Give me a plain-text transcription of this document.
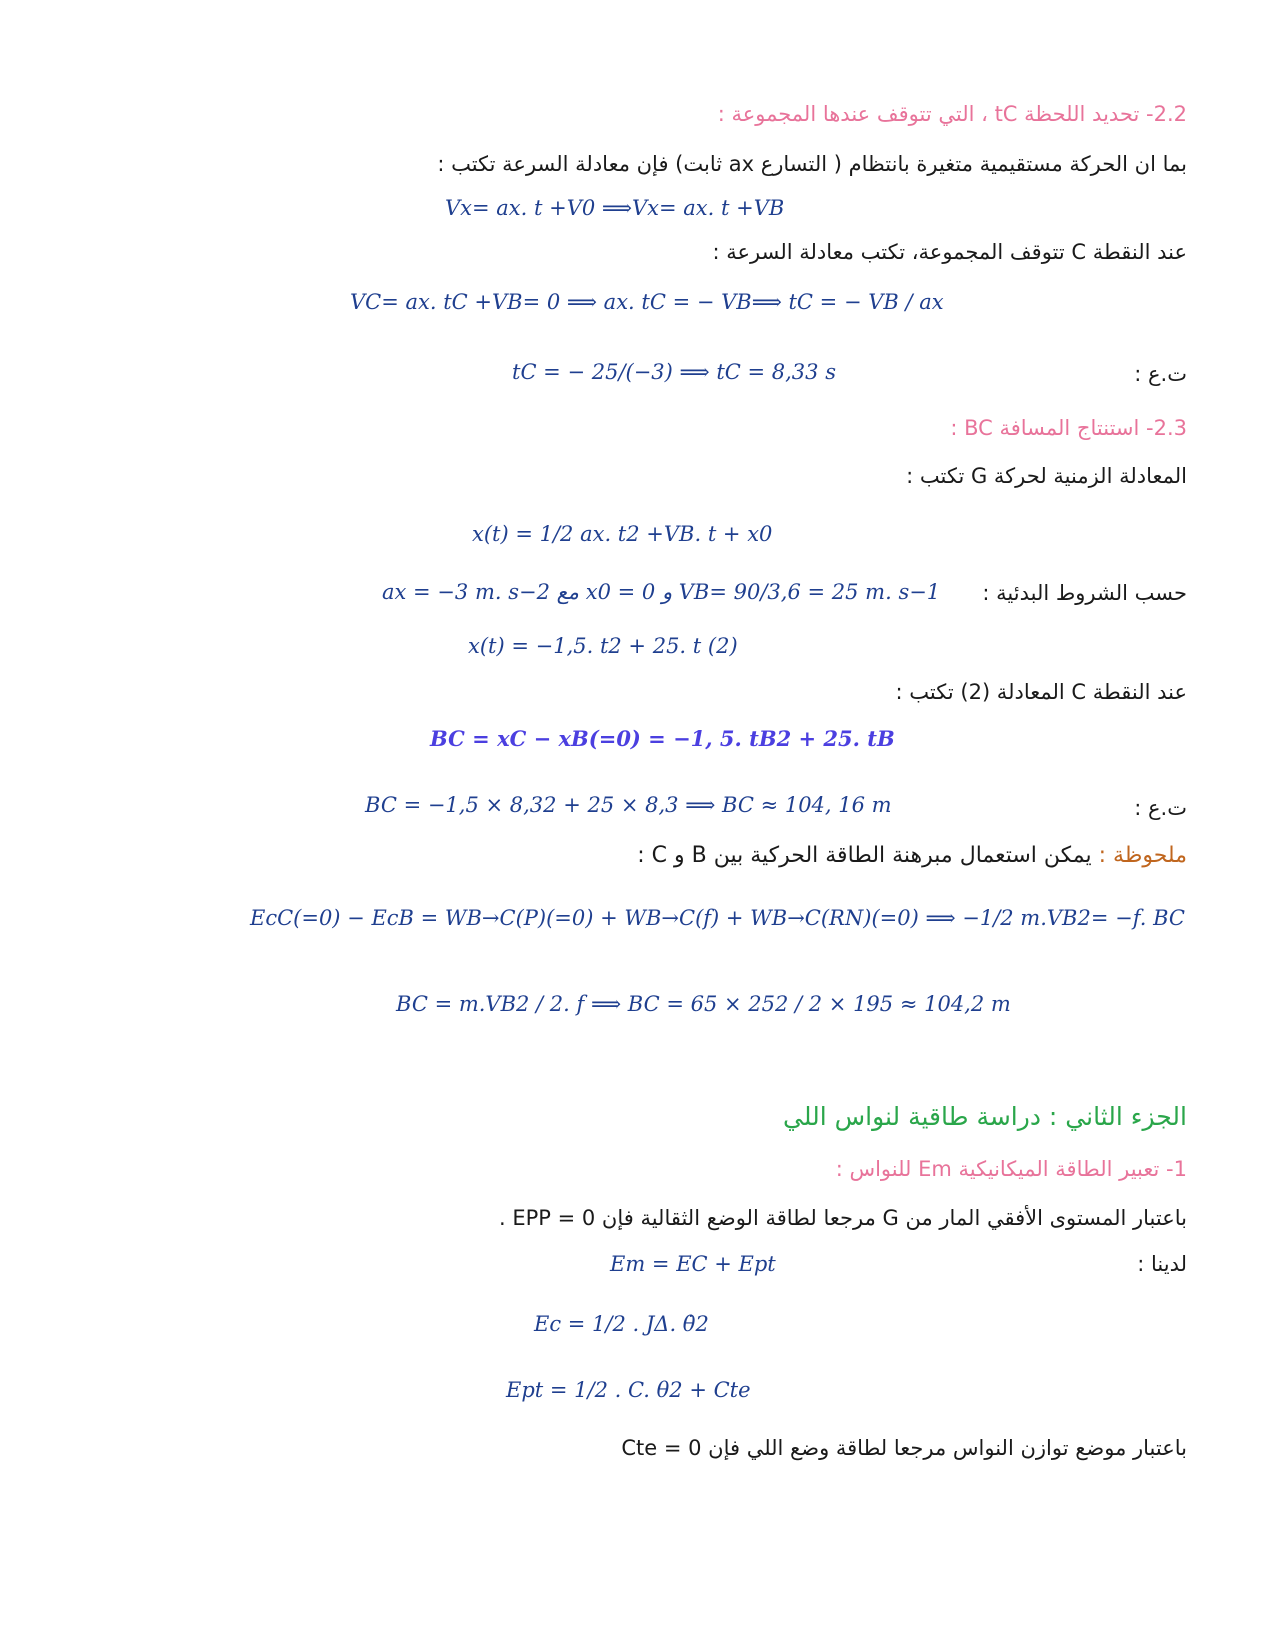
2.2- تحديد اللحظة tC ، التي تتوقف عندها المجموعة :
بما ان الحركة مستقيمية متغيرة بانتظام ( التسارع ax ثابت) فإن معادلة السرعة تكتب :
Vx= ax. t +V0 ⟹Vx= ax. t +VB
عند النقطة C تتوقف المجموعة، تكتب معادلة السرعة :
VC= ax. tC +VB= 0 ⟹ ax. tC = − VB⟹ tC = − VB / ax
ت.ع :
tC = − 25/(−3) ⟹ tC = 8,33 s
2.3- استنتاج المسافة BC :
المعادلة الزمنية لحركة G تكتب :
x(t) = 1/2 ax. t2 +VB. t + x0
حسب الشروط البدئية :
ax = −3 m. s−2 مع x0 = 0 و VB= 90/3,6 = 25 m. s−1
x(t) = −1,5. t2 + 25. t (2)
عند النقطة C المعادلة (2) تكتب :
BC = xC − xB(=0) = −1, 5. tB2 + 25. tB
ت.ع :
BC = −1,5 × 8,32 + 25 × 8,3 ⟹ BC ≈ 104, 16 m
ملحوظة : يمكن استعمال مبرهنة الطاقة الحركية بين B و C :
EcC(=0) − EcB = WB→C(P)(=0) + WB→C(f) + WB→C(RN)(=0) ⟹ −1/2 m.VB2= −f. BC
BC = m.VB2 / 2. f ⟹ BC = 65 × 252 / 2 × 195 ≈ 104,2 m
الجزء الثاني : دراسة طاقية لنواس اللي
1- تعبير الطاقة الميكانيكية Em للنواس :
باعتبار المستوى الأفقي المار من G مرجعا لطاقة الوضع الثقالية فإن EPP = 0 .
لدينا :
Em = EC + Ept
Ec = 1/2 . JΔ. θ̇2
Ept = 1/2 . C. θ2 + Cte
باعتبار موضع توازن النواس مرجعا لطاقة وضع اللي فإن Cte = 0
